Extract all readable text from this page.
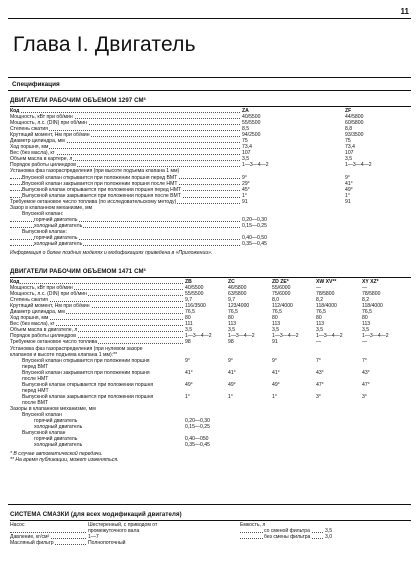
11
Глава I. Двигатель
Спецификация
ДВИГАТЕЛИ РАБОЧИМ ОБЪЕМОМ 1297 СМ³
Код	ZA	ZF
Мощность, кВт при об/мин	40/5500	44/5800
Мощность, л.с. (DIN) при об/мин	55/5500	60/5800
Степень сжатия	8,5	8,8
Крутящий момент, Нм при об/мин	94/2500	93/3500
Диаметр цилиндра, мм	75	75
Ход поршня, мм	73,4	73,4
Вес (без масла), кг	107	107
Объем масла в картере, л	3,5	3,5
Порядок работы цилиндров	1—3—4—2	1—3—4—2
Установка фаз газораспределения (при высоте подъема клапана 1 мм)
Впускной клапан открывается при положении поршня перед ВМТ	9°	9°
Впускной клапан закрывается при положении поршня после НМТ	29°	41°
Выпускной клапан открывается при положении поршня перед НМТ	45°	49°
Выпускной клапан закрывается при положении поршня после ВМТ	1°	1°
Требуемое октановое число топлива (по исследовательскому методу)	91	91
Зазор в клапанном механизме, мм
Впускной клапан:
горячий двигатель	0,20—0,30
холодный двигатель	0,15—0,25
Выпускной клапан:
горячий двигатель	0,40—0,50
холодный двигатель	0,35—0,45
Информация о более поздних моделях и модификациях приведена в «Приложении».
ДВИГАТЕЛИ РАБОЧИМ ОБЪЕМОМ 1471 СМ³
Код	ZB	ZC	ZD ZE*	XW XV**	XY XZ*
Мощность, кВт при об/мин	40/5500	46/5800	55/6000	—	—
Мощность, л.с. (DIN) при об/мин	55/5500	63/5800	75/6000	78/5800	78/5800
Степень сжатия	9,7	9,7	8,0	8,2	8,2
Крутящий момент, Нм при об/мин	116/3500	123/4000	112/4000	118/4000	118/4000
Диаметр цилиндра, мм	76,5	76,5	76,5	76,5	76,5
Ход поршня, мм	80	80	80	80	80
Вес (без масла), кг	111	113	113	113	113
Объем масла в двигателе, л	3,5	3,5	3,5	3,5	3,5
Порядок работы цилиндров	1—3—4—2	1—3—4—2	1—3—4—2	1—3—4—2	1—3—4—2
Требуемое октановое число топлива	98	98	91	—	—
Установка фаз газораспределения (при нулевом зазоре
клапанов и высоте подъема клапана 1 мм):**
Впускной клапан открывается при положении поршня	9°	9°	9°	7°	7°
перед ВМТ
Впускной клапан закрывается при положении поршня	41°	41°	41°	43°	43°
после НМТ
Выпускной клапан открывается при положении поршня	49°	49°	49°	47°	47°
перед НМТ
Выпускной клапан закрывается при положении поршня	1°	1°	1°	3°	3°
после ВМТ
Зазоры в клапанном механизме, мм
Впускной клапан
горячий двигатель	0,20—0,30
холодный двигатель	0,15—0,25
Выпускной клапан
горячий двигатель	0,40—050
холодный двигатель	0,35—0,45
* В случае автоматической передачи.
** На время публикации, может изменяться.
СИСТЕМА СМАЗКИ (для всех модификаций двигателя)
Насос	Шестеренный, с приводом от промежуточного вала
Давление, кг/см²	1—7
Масляный фильтр	Полнопоточный
Емкость, л
со сменой фильтра	3,5
без смены фильтра	3,0
